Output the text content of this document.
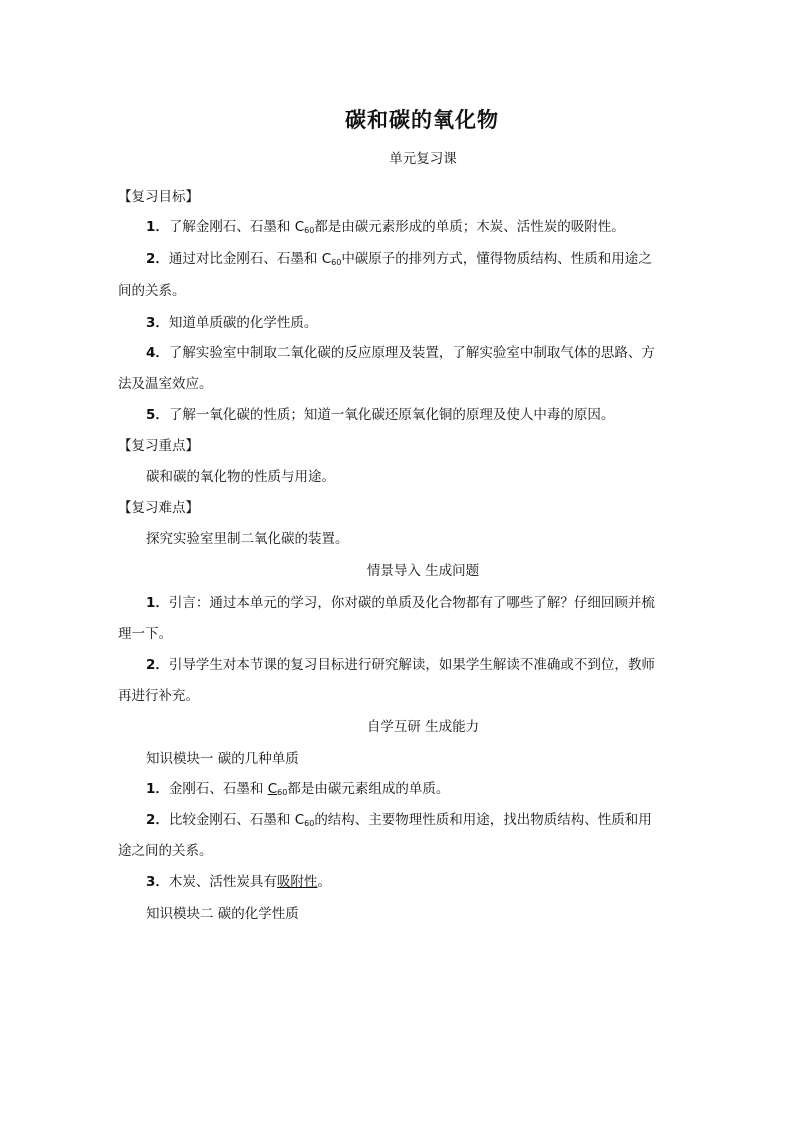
碳和碳的氧化物

单元复习课

【复习目标】

1．了解金刚石、石墨和 $C_{60}$都是由碳元素形成的单质；木炭、活性炭的吸附性。

2．通过对比金刚石、石墨和 $C_{60}$中碳原子的排列方式，懂得物质结构、性质和用途之

间的关系。

3．知道单质碳的化学性质。

4．了解实验室中制取二氧化碳的反应原理及装置，了解实验室中制取气体的思路、方

法及温室效应。

5．了解一氧化碳的性质；知道一氧化碳还原氧化铜的原理及使人中毒的原因。

【复习重点】

碳和碳的氧化物的性质与用途。

【复习难点】

探究实验室里制二氧化碳的装置。

情景导入 生成问题

1．引言：通过本单元的学习，你对碳的单质及化合物都有了哪些了解？仔细回顾并梳

理一下。

2．引导学生对本节课的复习目标进行研究解读，如果学生解读不准确或不到位，教师

再进行补充。

自学互研 生成能力

知识模块一 碳的几种单质

1．金刚石、石墨和 $C_{60}$都是由碳元素组成的单质。

2．比较金刚石、石墨和 $C_{60}$的结构、主要物理性质和用途，找出物质结构、性质和用

途之间的关系。

3．木炭、活性炭具有吸附性。

知识模块二 碳的化学性质
